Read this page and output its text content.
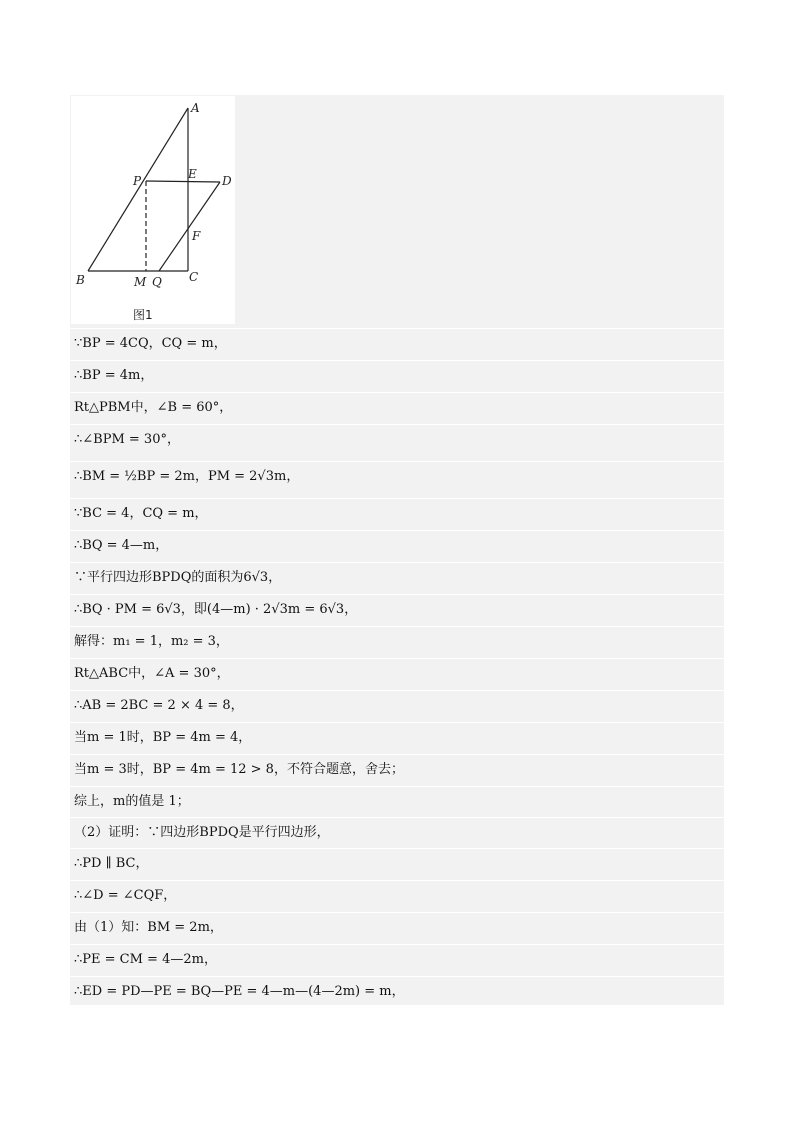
A
P	E D
F
B	M Q C
图1
∵BP = 4CQ，CQ = m，
∴BP = 4m，
Rt△PBM中，∠B = 60°，
∴∠BPM = 30°，
∴BM = ½BP = 2m，PM = 2√3m，
∵BC = 4，CQ = m，
∴BQ = 4—m，
∵平行四边形BPDQ的面积为6√3，
∴BQ · PM = 6√3，即(4—m) · 2√3m = 6√3，
解得：m₁ = 1，m₂ = 3，
Rt△ABC中，∠A = 30°，
∴AB = 2BC = 2 × 4 = 8，
当m = 1时，BP = 4m = 4，
当m = 3时，BP = 4m = 12 > 8，不符合题意，舍去；
综上，m的值是 1；
（2）证明：∵四边形BPDQ是平行四边形，
∴PD ∥ BC，
∴∠D = ∠CQF，
由（1）知：BM = 2m，
∴PE = CM = 4—2m，
∴ED = PD—PE = BQ—PE = 4—m—(4—2m) = m，
